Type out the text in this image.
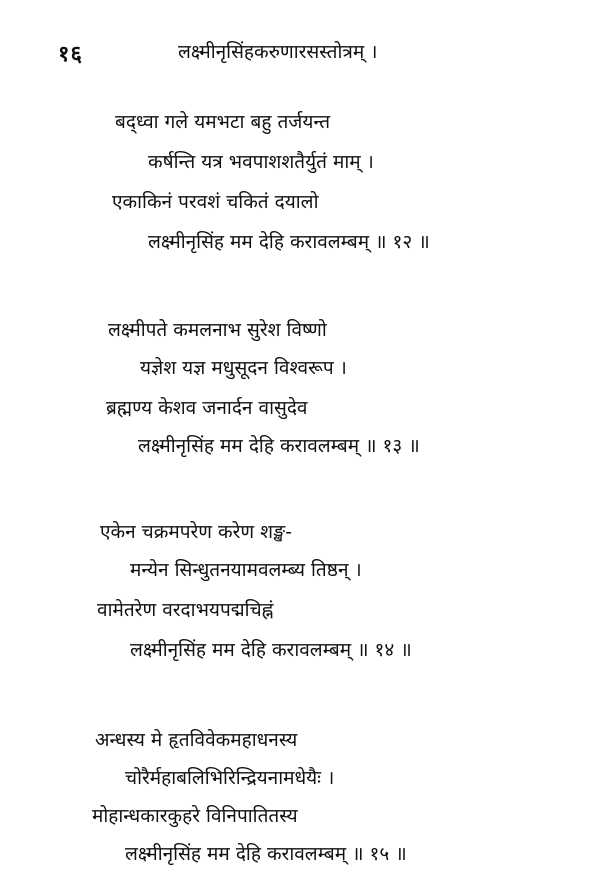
१६	लक्ष्मीनृसिंहकरुणारसस्तोत्रम् ।
बद्ध्वा गले यमभटा बहु तर्जयन्त
कर्षन्ति यत्र भवपाशशतैर्युतं माम् ।
एकाकिनं परवशं चकितं दयालो
लक्ष्मीनृसिंह मम देहि करावलम्बम् ॥ १२ ॥
लक्ष्मीपते कमलनाभ सुरेश विष्णो
यज्ञेश यज्ञ मधुसूदन विश्वरूप ।
ब्रह्मण्य केशव जनार्दन वासुदेव
लक्ष्मीनृसिंह मम देहि करावलम्बम् ॥ १३ ॥
एकेन चक्रमपरेण करेण शङ्ख-
मन्येन सिन्धुतनयामवलम्ब्य तिष्ठन् ।
वामेतरेण वरदाभयपद्मचिह्नं
लक्ष्मीनृसिंह मम देहि करावलम्बम् ॥ १४ ॥
अन्धस्य मे हृतविवेकमहाधनस्य
चोरैर्महाबलिभिरिन्द्रियनामधेयैः ।
मोहान्धकारकुहरे विनिपातितस्य
लक्ष्मीनृसिंह मम देहि करावलम्बम् ॥ १५ ॥
